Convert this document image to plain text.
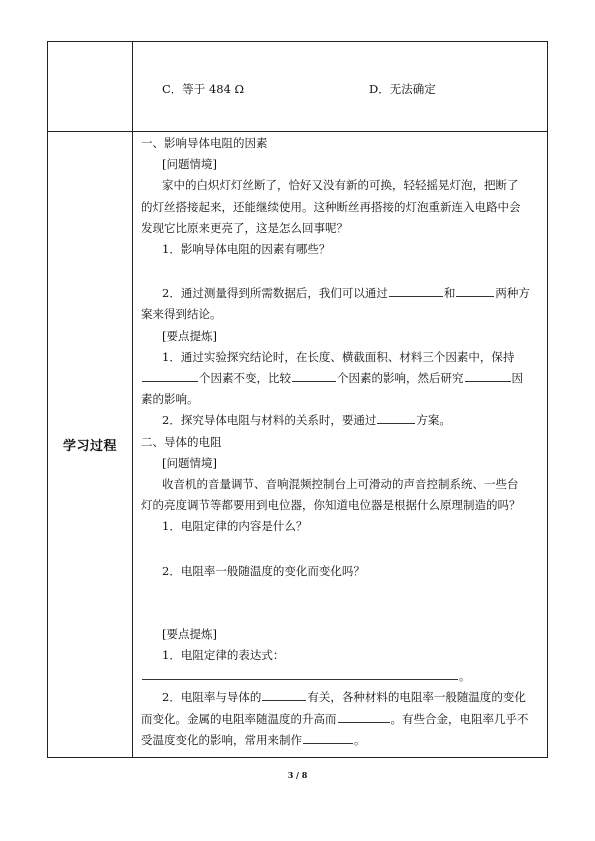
C．等于 484 Ω	D．无法确定
学习过程
一、影响导体电阻的因素
[问题情境]
家中的白炽灯灯丝断了，恰好又没有新的可换，轻轻摇晃灯泡，把断了
的灯丝搭接起来，还能继续使用。这种断丝再搭接的灯泡重新连入电路中会
发现它比原来更亮了，这是怎么回事呢？
1．影响导体电阻的因素有哪些？
2．通过测量得到所需数据后，我们可以通过	和	两种方
案来得到结论。
[要点提炼]
1．通过实验探究结论时，在长度、横截面积、材料三个因素中，保持
个因素不变，比较	个因素的影响，然后研究	因
素的影响。
2．探究导体电阻与材料的关系时，要通过	方案。
二、导体的电阻
[问题情境]
收音机的音量调节、音响混频控制台上可滑动的声音控制系统、一些台
灯的亮度调节等都要用到电位器，你知道电位器是根据什么原理制造的吗？
1．电阻定律的内容是什么？
2．电阻率一般随温度的变化而变化吗？
[要点提炼]
1．电阻定律的表达式：
。
2．电阻率与导体的	有关，各种材料的电阻率一般随温度的变化
而变化。金属的电阻率随温度的升高而	。有些合金，电阻率几乎不
受温度变化的影响，常用来制作	。
3 / 8
